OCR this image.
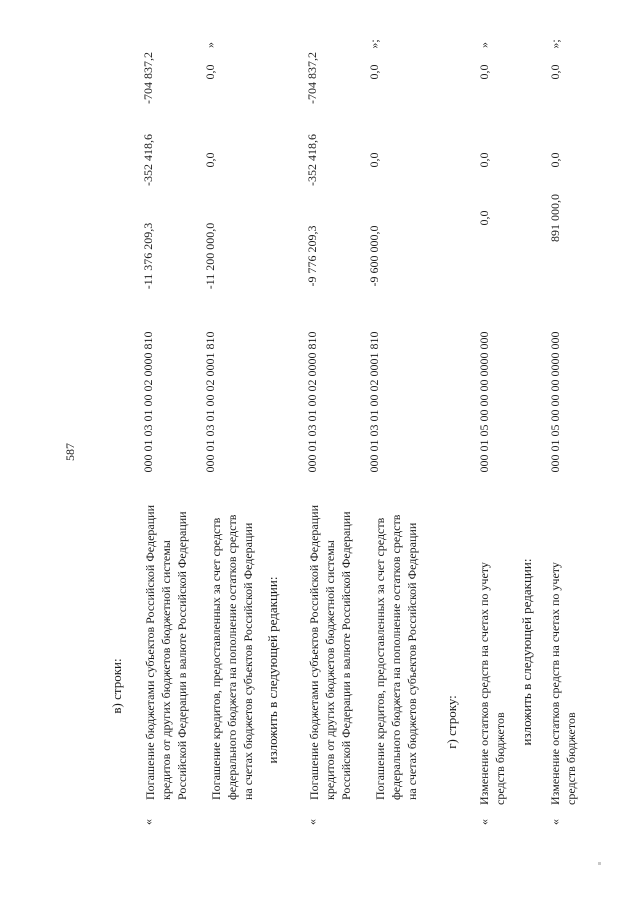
587
в) строки:
«
Погашение бюджетами субъектов Российской Федерации кредитов от других бюджетов бюджетной системы Российской Федерации в валюте Российской Федерации
000 01 03 01 00 02 0000 810
-11 376 209,3
-352 418,6
-704 837,2
Погашение кредитов, предоставленных за счет средств федерального бюджета на пополнение остатков средств на счетах бюджетов субъектов Российской Федерации
000 01 03 01 00 02 0001 810
-11 200 000,0
0,0
0,0
»
изложить в следующей редакции:
«
Погашение бюджетами субъектов Российской Федерации кредитов от других бюджетов бюджетной системы Российской Федерации в валюте Российской Федерации
000 01 03 01 00 02 0000 810
-9 776 209,3
-352 418,6
-704 837,2
Погашение кредитов, предоставленных за счет средств федерального бюджета на пополнение остатков средств на счетах бюджетов субъектов Российской Федерации
000 01 03 01 00 02 0001 810
-9 600 000,0
0,0
0,0
»;
г) строку:
«
Изменение остатков средств на счетах по учету средств бюджетов
000 01 05 00 00 00 0000 000
0,0
0,0
0,0
»
изложить в следующей редакции:
«
Изменение остатков средств на счетах по учету средств бюджетов
000 01 05 00 00 00 0000 000
891 000,0
0,0
0,0
»;
